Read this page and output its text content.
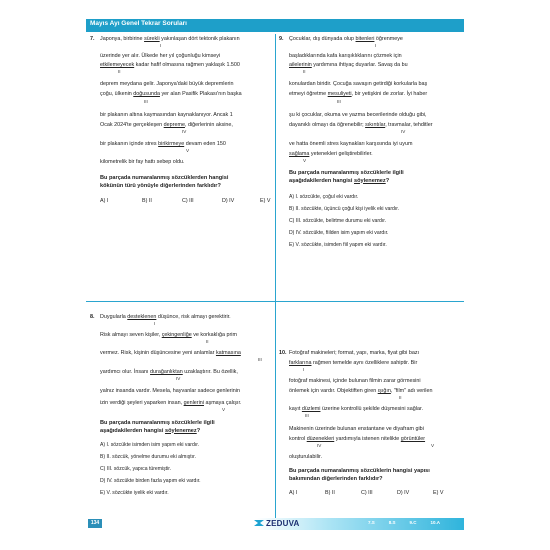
Mayıs Ayı Genel Tekrar Soruları
7. Japonya, birbirine sürekli yakınlaşan dört tektonik plakanın
I
üzerinde yer alır. Ülkede her yıl çoğunluğu kimseyi
etkilemeyecek kadar hafif olmasına rağmen yaklaşık 1.500
II
deprem meydana gelir. Japonya'daki büyük depremlerin
çoğu, ülkenin doğusunda yer alan Pasifik Plakası'nın başka
III
bir plakanın altına kaymasından kaynaklanıyor. Ancak 1
Ocak 2024'te gerçekleşen depreme, diğerlerinin aksine,
IV
bir plakanın içinde stres birikirmeye devam eden 150
V
kilometrelik bir fay hattı sebep oldu.
Bu parçada numaralanmış sözcüklerden hangisi
kökünün türü yönüyle diğerlerinden farklıdır?
A) I	B) II	C) III	D) IV	E) V
9. Çocuklar, dış dünyada olup bitenleri öğrenmeye
I
başladıklarında kafa karışıklıklarını çözmek için
ailelerinin yardımına ihtiyaç duyarlar. Savaş da bu
II
konulardan biridir. Çocuğa savaşın getirdiği korkularla baş
etmeyi öğretme mesuliyeti, bir yetişkini de zorlar. İyi haber
III
şu ki çocuklar, okuma ve yazma becerilerinde olduğu gibi,
dayanıklı olmayı da öğrenebilir; sıkıntılar, travmalar, tehditler
IV
ve hatta önemli stres kaynakları karşısında iyi uyum
sağlama yetenekleri geliştirebilirler.
V
Bu parçada numaralanmış sözcüklerle ilgili
aşağıdakilerden hangisi söylenemez?
A) I. sözcükte, çoğul eki vardır.
B) II. sözcükte, üçüncü çoğul kişi iyelik eki vardır.
C) III. sözcükte, belirtme durumu eki vardır.
D) IV. sözcükte, fiilden isim yapım eki vardır.
E) V. sözcükte, isimden fiil yapım eki vardır.
8. Duygularla desteklenen düşünce, risk almayı gerektirir.
I
Risk almayı seven kişiler, çekingenliğe ve korkaklığa prim
II
vermez. Risk, kişinin düşüncesine yeni anlamlar katmasına
III
yardımcı olur. İnsanı durağanlıktan uzaklaştırır. Bu özellik,
IV
yalnız insanda vardır. Mesela, hayvanlar sadece genlerinin
izin verdiği şeyleri yaparken insan, genlerini aşmaya çalışır.
V
Bu parçada numaralanmış sözcüklerle ilgili
aşağıdakilerden hangisi söylenemez?
A) I. sözcükte isimden isim yapım eki vardır.
B) II. sözcük, yönelme durumu eki almıştır.
C) III. sözcük, yapıca türemiştir.
D) IV. sözcükte birden fazla yapım eki vardır.
E) V. sözcükte iyelik eki vardır.
10. Fotoğraf makineleri; format, yapı, marka, fiyat gibi bazı
farklarına rağmen temelde aynı özelliklere sahiptir. Bir
I
fotoğraf makinesi, içinde bulunan filmin zarar görmesini
önlemek için vardır. Objektiften giren ışığın, "film" adı verilen
II
kayıt düzlemi üzerine kontrollü şekilde düşmesini sağlar.
III
Makinenin üzerinde bulunan enstantane ve diyafram gibi
kontrol düzenekleri yardımıyla istenen nitelikte görüntüler
IV	V
oluşturulabilir.
Bu parçada numaralanmış sözcüklerin hangisi yapısı
bakımından diğerlerinden farklıdır?
A) I	B) II	C) III	D) IV	E) V
134	ZEDUVA	7.S	8.S	9.C	10.A
